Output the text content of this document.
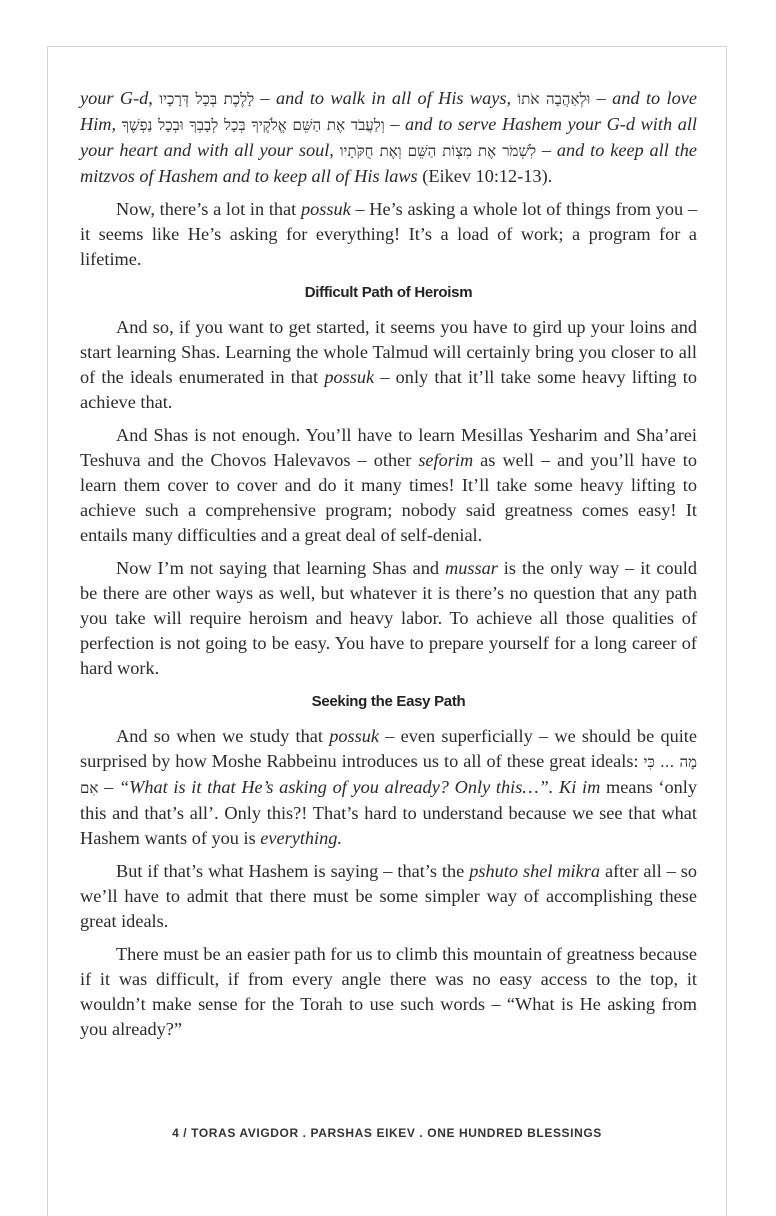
your G-d, לָלֶכֶת בְּכָל דְּרָכָיו – and to walk in all of His ways, וּלְאַהֲבָה אֹתוֹ – and to love Him, וְלַעֲבֹד אֶת הַשֵּׁם אֱלֹקֶיךָ בְּכָל לְבָבְךָ וּבְכָל נַפְשֶׁךָ – and to serve Hashem your G-d with all your heart and with all your soul, לִשְׁמֹר אֶת מִצְוֹת הַשֵּׁם וְאֶת חֻקֹּתָיו – and to keep all the mitzvos of Hashem and to keep all of His laws (Eikev 10:12-13).

Now, there’s a lot in that possuk – He’s asking a whole lot of things from you – it seems like He’s asking for everything! It’s a load of work; a program for a lifetime.

Difficult Path of Heroism

And so, if you want to get started, it seems you have to gird up your loins and start learning Shas. Learning the whole Talmud will certainly bring you closer to all of the ideals enumerated in that possuk – only that it’ll take some heavy lifting to achieve that.

And Shas is not enough. You’ll have to learn Mesillas Yesharim and Sha’arei Teshuva and the Chovos Halevavos – other seforim as well – and you’ll have to learn them cover to cover and do it many times! It’ll take some heavy lifting to achieve such a comprehensive program; nobody said greatness comes easy! It entails many difficulties and a great deal of self-denial.

Now I’m not saying that learning Shas and mussar is the only way – it could be there are other ways as well, but whatever it is there’s no question that any path you take will require heroism and heavy labor. To achieve all those qualities of perfection is not going to be easy. You have to prepare yourself for a long career of hard work.

Seeking the Easy Path

And so when we study that possuk – even superficially – we should be quite surprised by how Moshe Rabbeinu introduces us to all of these great ideals: מָה ... כִּי אִם – “What is it that He’s asking of you already? Only this…”. Ki im means ‘only this and that’s all’. Only this?! That’s hard to understand because we see that what Hashem wants of you is everything.

But if that’s what Hashem is saying – that’s the pshuto shel mikra after all – so we’ll have to admit that there must be some simpler way of accomplishing these great ideals.

There must be an easier path for us to climb this mountain of greatness because if it was difficult, if from every angle there was no easy access to the top, it wouldn’t make sense for the Torah to use such words – “What is He asking from you already?”

4 / TORAS AVIGDOR . PARSHAS EIKEV . ONE HUNDRED BLESSINGS
